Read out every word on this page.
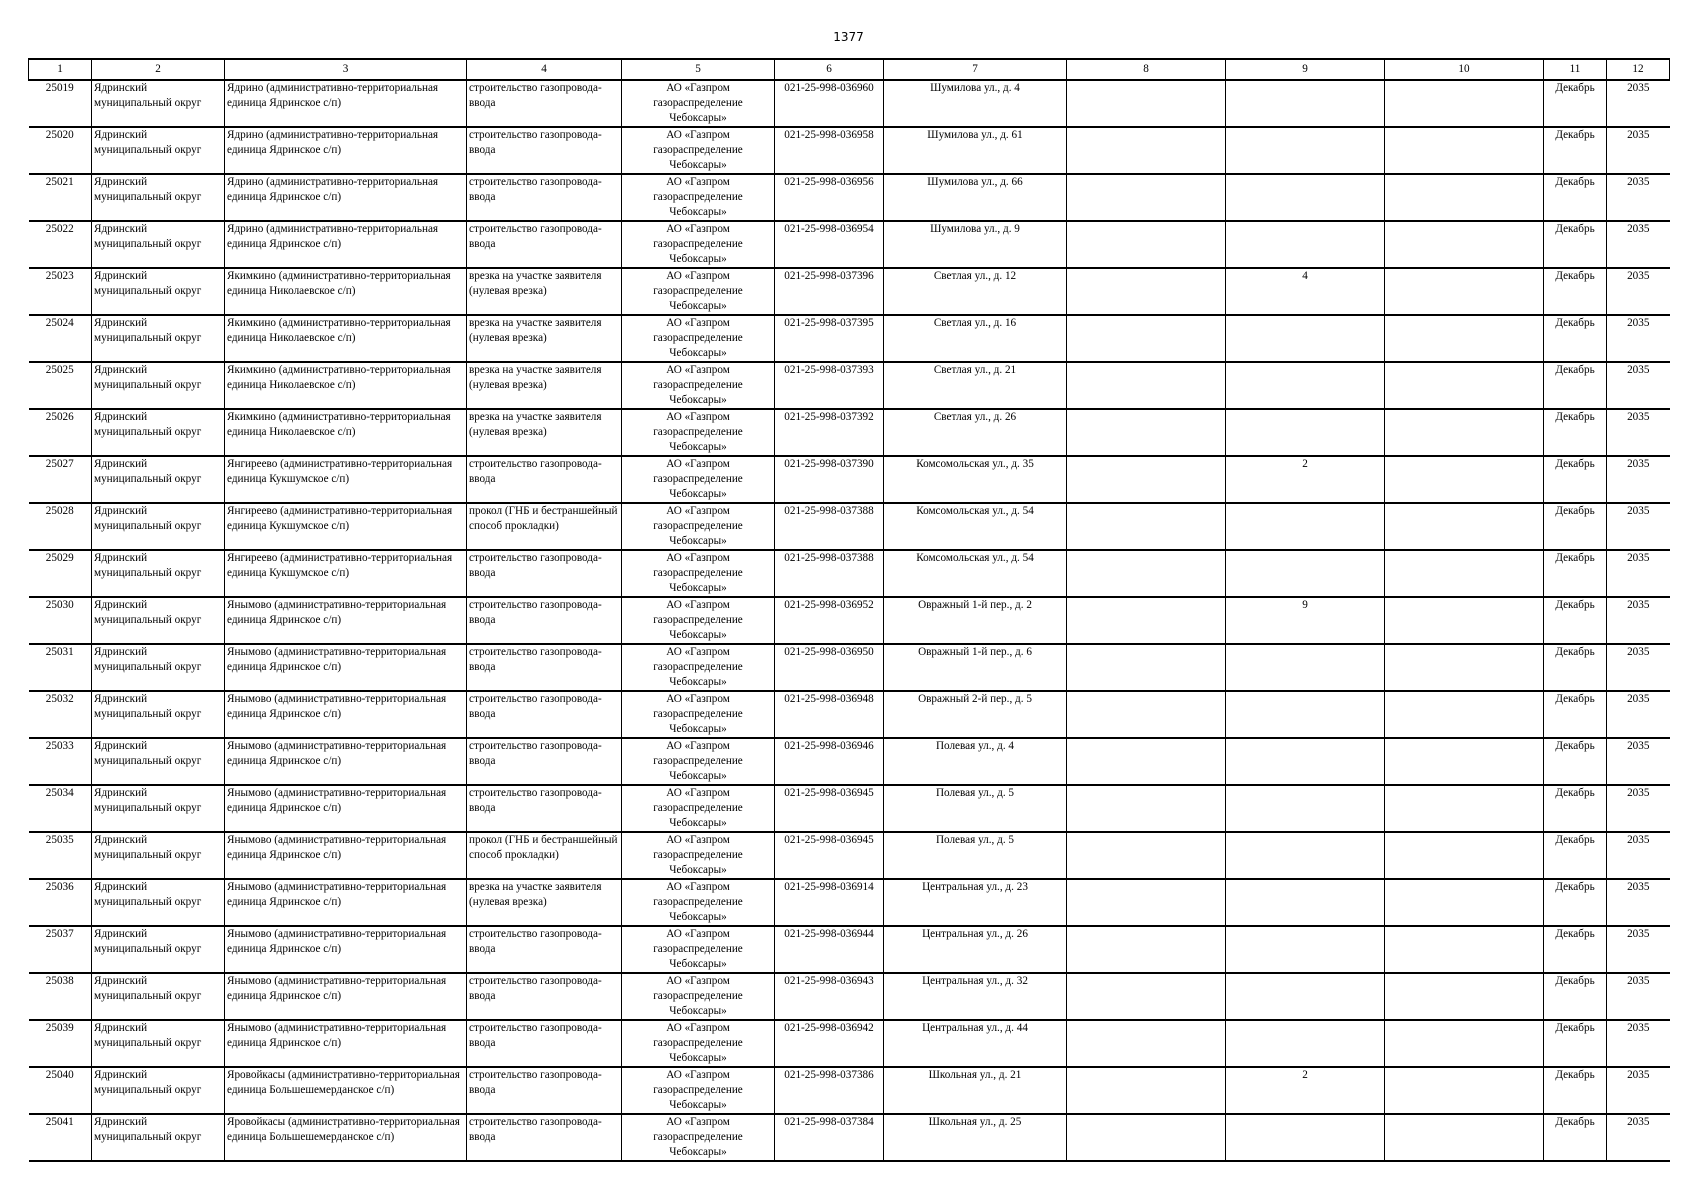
1377
1	2	3	4	5	6	7	8	9	10	11	12
25019	Ядринский муниципальный округ	Ядрино (административно-территориальная единица Ядринское с/п)	строительство газопровода-ввода	АО «Газпром газораспределение Чебоксары»	021-25-998-036960	Шумилова ул., д. 4				Декабрь	2035
25020	Ядринский муниципальный округ	Ядрино (административно-территориальная единица Ядринское с/п)	строительство газопровода-ввода	АО «Газпром газораспределение Чебоксары»	021-25-998-036958	Шумилова ул., д. 61				Декабрь	2035
25021	Ядринский муниципальный округ	Ядрино (административно-территориальная единица Ядринское с/п)	строительство газопровода-ввода	АО «Газпром газораспределение Чебоксары»	021-25-998-036956	Шумилова ул., д. 66				Декабрь	2035
25022	Ядринский муниципальный округ	Ядрино (административно-территориальная единица Ядринское с/п)	строительство газопровода-ввода	АО «Газпром газораспределение Чебоксары»	021-25-998-036954	Шумилова ул., д. 9				Декабрь	2035
25023	Ядринский муниципальный округ	Якимкино (административно-территориальная единица Николаевское с/п)	врезка на участке заявителя (нулевая врезка)	АО «Газпром газораспределение Чебоксары»	021-25-998-037396	Светлая ул., д. 12		4		Декабрь	2035
25024	Ядринский муниципальный округ	Якимкино (административно-территориальная единица Николаевское с/п)	врезка на участке заявителя (нулевая врезка)	АО «Газпром газораспределение Чебоксары»	021-25-998-037395	Светлая ул., д. 16				Декабрь	2035
25025	Ядринский муниципальный округ	Якимкино (административно-территориальная единица Николаевское с/п)	врезка на участке заявителя (нулевая врезка)	АО «Газпром газораспределение Чебоксары»	021-25-998-037393	Светлая ул., д. 21				Декабрь	2035
25026	Ядринский муниципальный округ	Якимкино (административно-территориальная единица Николаевское с/п)	врезка на участке заявителя (нулевая врезка)	АО «Газпром газораспределение Чебоксары»	021-25-998-037392	Светлая ул., д. 26				Декабрь	2035
25027	Ядринский муниципальный округ	Янгиреево (административно-территориальная единица Кукшумское с/п)	строительство газопровода-ввода	АО «Газпром газораспределение Чебоксары»	021-25-998-037390	Комсомольская ул., д. 35		2		Декабрь	2035
25028	Ядринский муниципальный округ	Янгиреево (административно-территориальная единица Кукшумское с/п)	прокол (ГНБ и бестраншейный способ прокладки)	АО «Газпром газораспределение Чебоксары»	021-25-998-037388	Комсомольская ул., д. 54				Декабрь	2035
25029	Ядринский муниципальный округ	Янгиреево (административно-территориальная единица Кукшумское с/п)	строительство газопровода-ввода	АО «Газпром газораспределение Чебоксары»	021-25-998-037388	Комсомольская ул., д. 54				Декабрь	2035
25030	Ядринский муниципальный округ	Янымово (административно-территориальная единица Ядринское с/п)	строительство газопровода-ввода	АО «Газпром газораспределение Чебоксары»	021-25-998-036952	Овражный 1-й пер., д. 2		9		Декабрь	2035
25031	Ядринский муниципальный округ	Янымово (административно-территориальная единица Ядринское с/п)	строительство газопровода-ввода	АО «Газпром газораспределение Чебоксары»	021-25-998-036950	Овражный 1-й пер., д. 6				Декабрь	2035
25032	Ядринский муниципальный округ	Янымово (административно-территориальная единица Ядринское с/п)	строительство газопровода-ввода	АО «Газпром газораспределение Чебоксары»	021-25-998-036948	Овражный 2-й пер., д. 5				Декабрь	2035
25033	Ядринский муниципальный округ	Янымово (административно-территориальная единица Ядринское с/п)	строительство газопровода-ввода	АО «Газпром газораспределение Чебоксары»	021-25-998-036946	Полевая ул., д. 4				Декабрь	2035
25034	Ядринский муниципальный округ	Янымово (административно-территориальная единица Ядринское с/п)	строительство газопровода-ввода	АО «Газпром газораспределение Чебоксары»	021-25-998-036945	Полевая ул., д. 5				Декабрь	2035
25035	Ядринский муниципальный округ	Янымово (административно-территориальная единица Ядринское с/п)	прокол (ГНБ и бестраншейный способ прокладки)	АО «Газпром газораспределение Чебоксары»	021-25-998-036945	Полевая ул., д. 5				Декабрь	2035
25036	Ядринский муниципальный округ	Янымово (административно-территориальная единица Ядринское с/п)	врезка на участке заявителя (нулевая врезка)	АО «Газпром газораспределение Чебоксары»	021-25-998-036914	Центральная ул., д. 23				Декабрь	2035
25037	Ядринский муниципальный округ	Янымово (административно-территориальная единица Ядринское с/п)	строительство газопровода-ввода	АО «Газпром газораспределение Чебоксары»	021-25-998-036944	Центральная ул., д. 26				Декабрь	2035
25038	Ядринский муниципальный округ	Янымово (административно-территориальная единица Ядринское с/п)	строительство газопровода-ввода	АО «Газпром газораспределение Чебоксары»	021-25-998-036943	Центральная ул., д. 32				Декабрь	2035
25039	Ядринский муниципальный округ	Янымово (административно-территориальная единица Ядринское с/п)	строительство газопровода-ввода	АО «Газпром газораспределение Чебоксары»	021-25-998-036942	Центральная ул., д. 44				Декабрь	2035
25040	Ядринский муниципальный округ	Яровойкасы (административно-территориальная единица Большешемерданское с/п)	строительство газопровода-ввода	АО «Газпром газораспределение Чебоксары»	021-25-998-037386	Школьная ул., д. 21		2		Декабрь	2035
25041	Ядринский муниципальный округ	Яровойкасы (административно-территориальная единица Большешемерданское с/п)	строительство газопровода-ввода	АО «Газпром газораспределение Чебоксары»	021-25-998-037384	Школьная ул., д. 25				Декабрь	2035
